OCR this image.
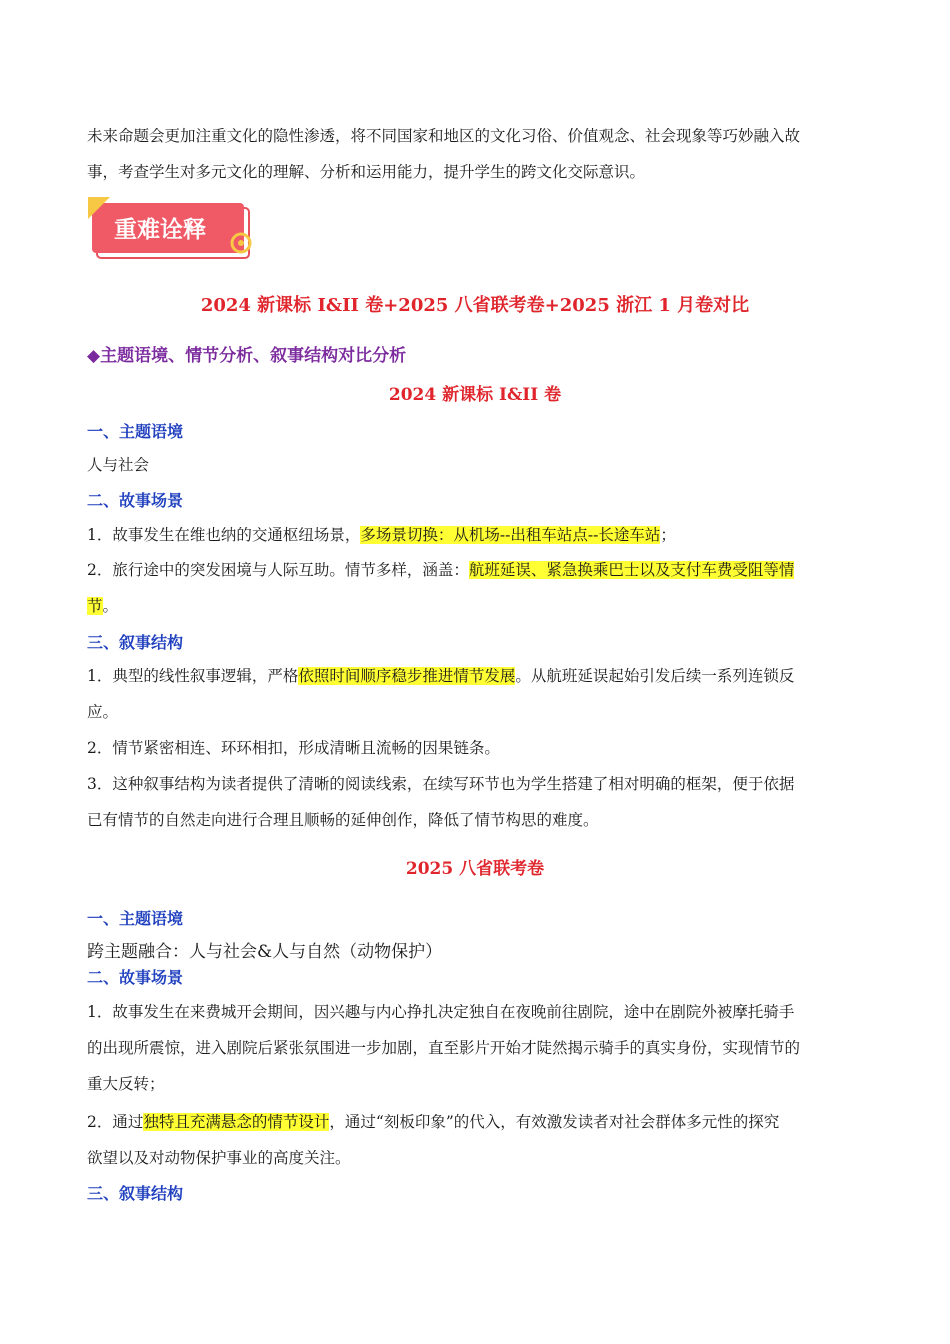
未来命题会更加注重文化的隐性渗透，将不同国家和地区的文化习俗、价值观念、社会现象等巧妙融入故
事，考查学生对多元文化的理解、分析和运用能力，提升学生的跨文化交际意识。

重难诠释

2024 新课标 I&II 卷+2025 八省联考卷+2025 浙江 1 月卷对比

◆主题语境、情节分析、叙事结构对比分析

2024 新课标 I&II 卷

一、主题语境

人与社会

二、故事场景

1．故事发生在维也纳的交通枢纽场景，多场景切换：从机场--出租车站点--长途车站；

2．旅行途中的突发困境与人际互助。情节多样，涵盖：航班延误、紧急换乘巴士以及支付车费受阻等情
节。

三、叙事结构

1．典型的线性叙事逻辑，严格依照时间顺序稳步推进情节发展。从航班延误起始引发后续一系列连锁反
应。

2．情节紧密相连、环环相扣，形成清晰且流畅的因果链条。

3．这种叙事结构为读者提供了清晰的阅读线索，在续写环节也为学生搭建了相对明确的框架，便于依据
已有情节的自然走向进行合理且顺畅的延伸创作，降低了情节构思的难度。

2025 八省联考卷

一、主题语境

跨主题融合：人与社会&人与自然（动物保护）

二、故事场景

1．故事发生在来费城开会期间，因兴趣与内心挣扎决定独自在夜晚前往剧院，途中在剧院外被摩托骑手
的出现所震惊，进入剧院后紧张氛围进一步加剧，直至影片开始才陡然揭示骑手的真实身份，实现情节的
重大反转；

2．通过独特且充满悬念的情节设计，通过“刻板印象”的代入，有效激发读者对社会群体多元性的探究
欲望以及对动物保护事业的高度关注。

三、叙事结构
